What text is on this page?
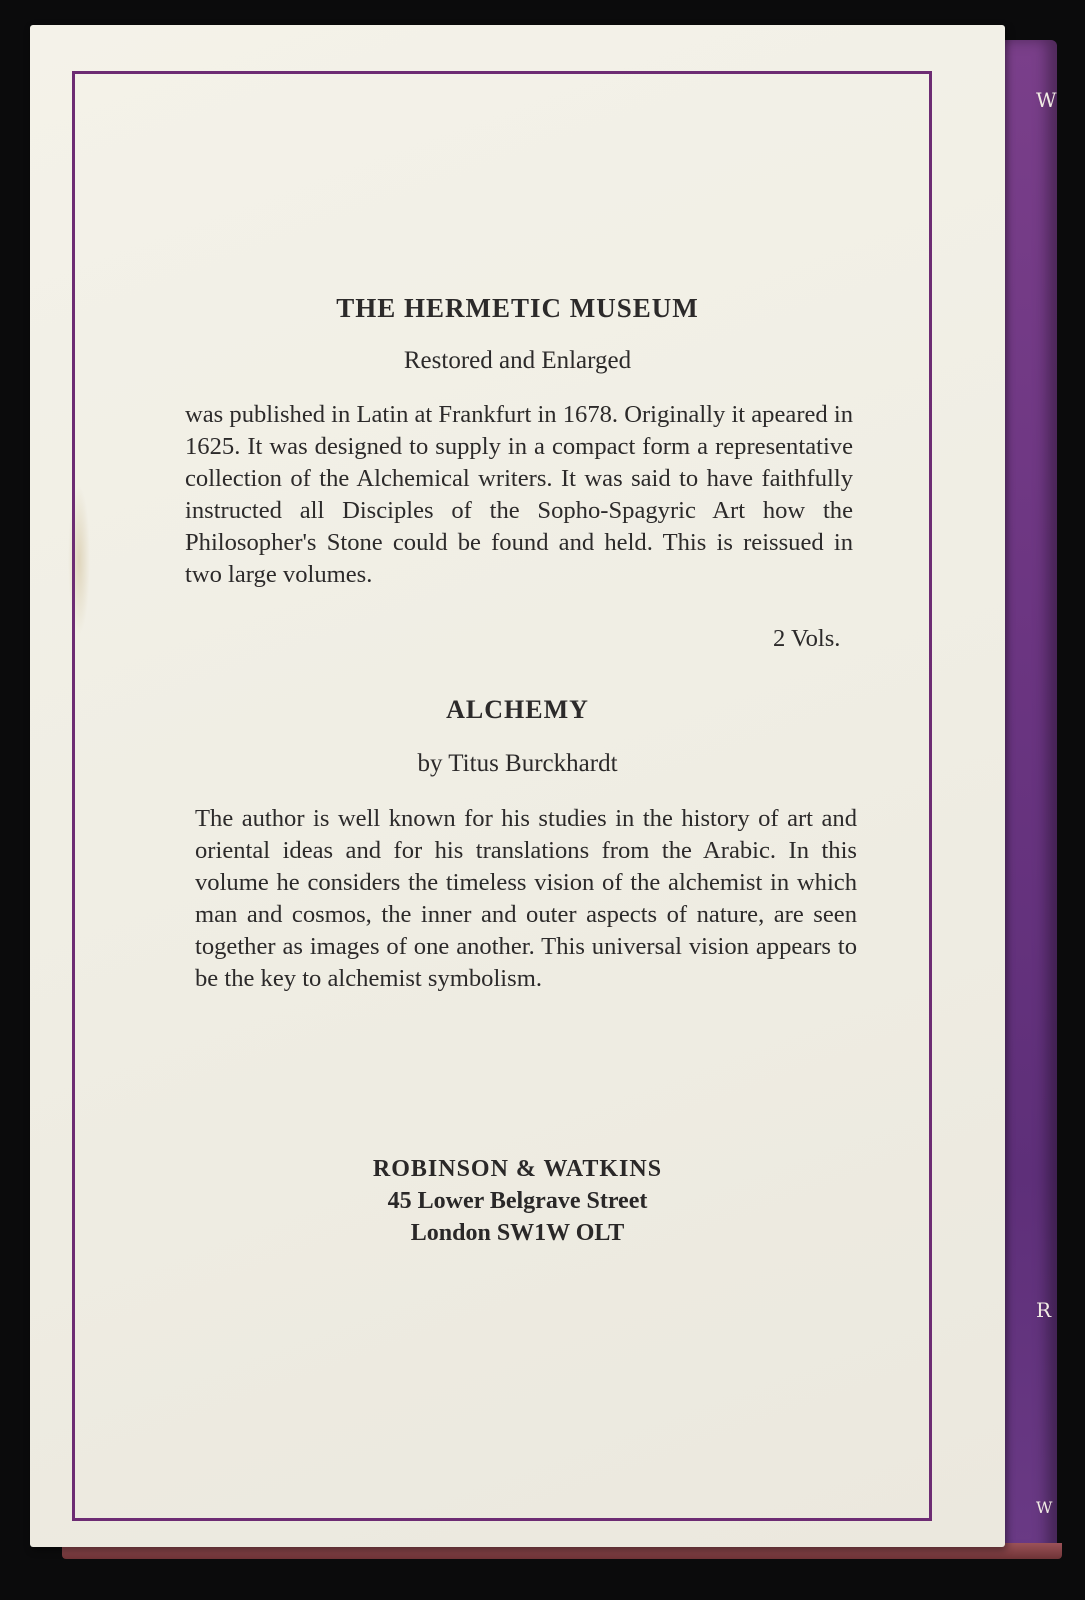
W
R
W
THE HERMETIC MUSEUM

Restored and Enlarged

was published in Latin at Frankfurt in 1678. Originally it apeared in 1625. It was designed to supply in a compact form a representative collection of the Alchemical writers. It was said to have faithfully instructed all Disciples of the Sopho-Spagyric Art how the Philosopher's Stone could be found and held. This is reissued in two large volumes.

2 Vols.
ALCHEMY

by Titus Burckhardt

The author is well known for his studies in the history of art and oriental ideas and for his translations from the Arabic. In this volume he considers the timeless vision of the alchemist in which man and cosmos, the inner and outer aspects of nature, are seen together as images of one another. This universal vision appears to be the key to alchemist symbolism.

ROBINSON & WATKINS
45 Lower Belgrave Street
London SW1W OLT
